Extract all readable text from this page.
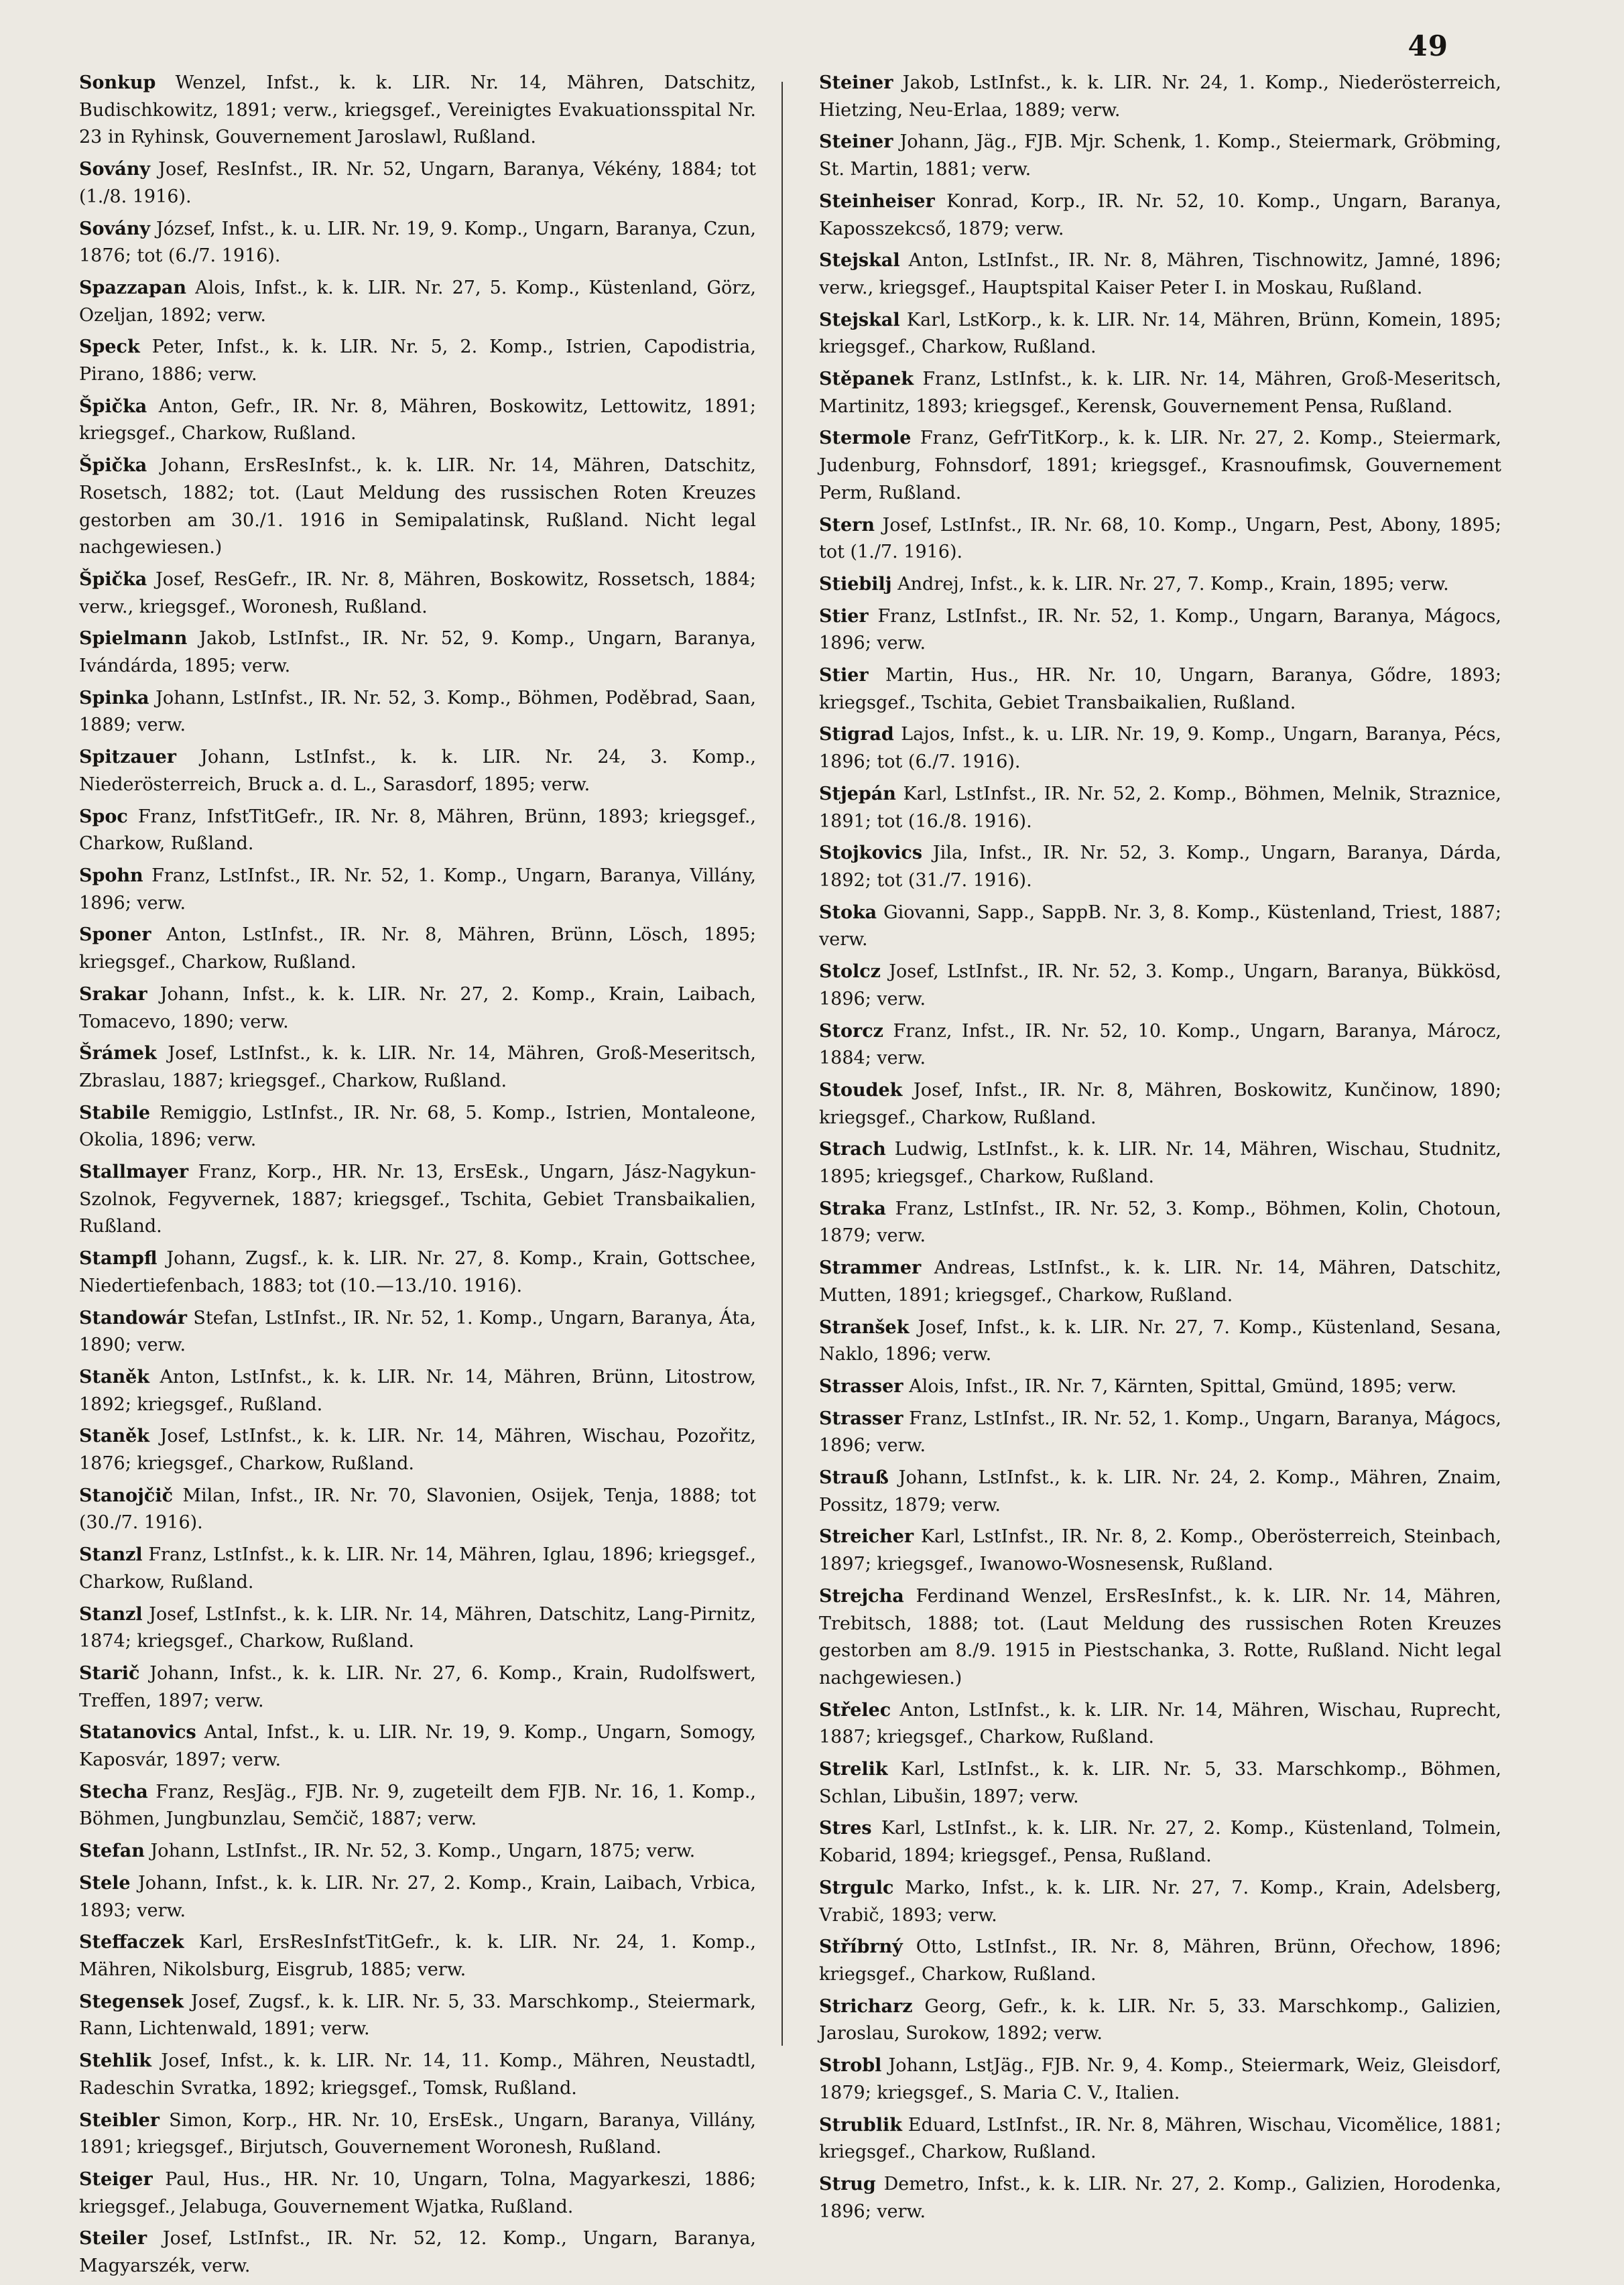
49
Sonkup Wenzel, Infst., k. k. LIR. Nr. 14, Mähren, Datschitz, Budischkowitz, 1891; verw., kriegsgef., Vereinigtes Evakuationsspital Nr. 23 in Ryhinsk, Gouvernement Jaroslawl, Rußland.
Sovány Josef, ResInfst., IR. Nr. 52, Ungarn, Baranya, Vékény, 1884; tot (1./8. 1916).
Sovány József, Infst., k. u. LIR. Nr. 19, 9. Komp., Ungarn, Baranya, Czun, 1876; tot (6./7. 1916).
Spazzapan Alois, Infst., k. k. LIR. Nr. 27, 5. Komp., Küstenland, Görz, Ozeljan, 1892; verw.
Speck Peter, Infst., k. k. LIR. Nr. 5, 2. Komp., Istrien, Capodistria, Pirano, 1886; verw.
Špička Anton, Gefr., IR. Nr. 8, Mähren, Boskowitz, Lettowitz, 1891; kriegsgef., Charkow, Rußland.
Špička Johann, ErsResInfst., k. k. LIR. Nr. 14, Mähren, Datschitz, Rosetsch, 1882; tot. (Laut Meldung des russischen Roten Kreuzes gestorben am 30./1. 1916 in Semipalatinsk, Rußland. Nicht legal nachgewiesen.)
Špička Josef, ResGefr., IR. Nr. 8, Mähren, Boskowitz, Rossetsch, 1884; verw., kriegsgef., Woronesh, Rußland.
Spielmann Jakob, LstInfst., IR. Nr. 52, 9. Komp., Ungarn, Baranya, Ivándárda, 1895; verw.
Spinka Johann, LstInfst., IR. Nr. 52, 3. Komp., Böhmen, Poděbrad, Saan, 1889; verw.
Spitzauer Johann, LstInfst., k. k. LIR. Nr. 24, 3. Komp., Niederösterreich, Bruck a. d. L., Sarasdorf, 1895; verw.
Spoc Franz, InfstTitGefr., IR. Nr. 8, Mähren, Brünn, 1893; kriegsgef., Charkow, Rußland.
Spohn Franz, LstInfst., IR. Nr. 52, 1. Komp., Ungarn, Baranya, Villány, 1896; verw.
Sponer Anton, LstInfst., IR. Nr. 8, Mähren, Brünn, Lösch, 1895; kriegsgef., Charkow, Rußland.
Srakar Johann, Infst., k. k. LIR. Nr. 27, 2. Komp., Krain, Laibach, Tomacevo, 1890; verw.
Šrámek Josef, LstInfst., k. k. LIR. Nr. 14, Mähren, Groß-Meseritsch, Zbraslau, 1887; kriegsgef., Charkow, Rußland.
Stabile Remiggio, LstInfst., IR. Nr. 68, 5. Komp., Istrien, Montaleone, Okolia, 1896; verw.
Stallmayer Franz, Korp., HR. Nr. 13, ErsEsk., Ungarn, Jász-Nagykun-Szolnok, Fegyvernek, 1887; kriegsgef., Tschita, Gebiet Transbaikalien, Rußland.
Stampfl Johann, Zugsf., k. k. LIR. Nr. 27, 8. Komp., Krain, Gottschee, Niedertiefenbach, 1883; tot (10.—13./10. 1916).
Standowár Stefan, LstInfst., IR. Nr. 52, 1. Komp., Ungarn, Baranya, Áta, 1890; verw.
Staněk Anton, LstInfst., k. k. LIR. Nr. 14, Mähren, Brünn, Litostrow, 1892; kriegsgef., Rußland.
Staněk Josef, LstInfst., k. k. LIR. Nr. 14, Mähren, Wischau, Pozořitz, 1876; kriegsgef., Charkow, Rußland.
Stanojčič Milan, Infst., IR. Nr. 70, Slavonien, Osijek, Tenja, 1888; tot (30./7. 1916).
Stanzl Franz, LstInfst., k. k. LIR. Nr. 14, Mähren, Iglau, 1896; kriegsgef., Charkow, Rußland.
Stanzl Josef, LstInfst., k. k. LIR. Nr. 14, Mähren, Datschitz, Lang-Pirnitz, 1874; kriegsgef., Charkow, Rußland.
Starič Johann, Infst., k. k. LIR. Nr. 27, 6. Komp., Krain, Rudolfswert, Treffen, 1897; verw.
Statanovics Antal, Infst., k. u. LIR. Nr. 19, 9. Komp., Ungarn, Somogy, Kaposvár, 1897; verw.
Stecha Franz, ResJäg., FJB. Nr. 9, zugeteilt dem FJB. Nr. 16, 1. Komp., Böhmen, Jungbunzlau, Semčič, 1887; verw.
Stefan Johann, LstInfst., IR. Nr. 52, 3. Komp., Ungarn, 1875; verw.
Stele Johann, Infst., k. k. LIR. Nr. 27, 2. Komp., Krain, Laibach, Vrbica, 1893; verw.
Steffaczek Karl, ErsResInfstTitGefr., k. k. LIR. Nr. 24, 1. Komp., Mähren, Nikolsburg, Eisgrub, 1885; verw.
Stegensek Josef, Zugsf., k. k. LIR. Nr. 5, 33. Marschkomp., Steiermark, Rann, Lichtenwald, 1891; verw.
Stehlik Josef, Infst., k. k. LIR. Nr. 14, 11. Komp., Mähren, Neustadtl, Radeschin Svratka, 1892; kriegsgef., Tomsk, Rußland.
Steibler Simon, Korp., HR. Nr. 10, ErsEsk., Ungarn, Baranya, Villány, 1891; kriegsgef., Birjutsch, Gouvernement Woronesh, Rußland.
Steiger Paul, Hus., HR. Nr. 10, Ungarn, Tolna, Magyarkeszi, 1886; kriegsgef., Jelabuga, Gouvernement Wjatka, Rußland.
Steiler Josef, LstInfst., IR. Nr. 52, 12. Komp., Ungarn, Baranya, Magyarszék, verw.
Steiner Jakob, LstInfst., k. k. LIR. Nr. 24, 1. Komp., Niederösterreich, Hietzing, Neu-Erlaa, 1889; verw.
Steiner Johann, Jäg., FJB. Mjr. Schenk, 1. Komp., Steiermark, Gröbming, St. Martin, 1881; verw.
Steinheiser Konrad, Korp., IR. Nr. 52, 10. Komp., Ungarn, Baranya, Kaposszekcső, 1879; verw.
Stejskal Anton, LstInfst., IR. Nr. 8, Mähren, Tischnowitz, Jamné, 1896; verw., kriegsgef., Hauptspital Kaiser Peter I. in Moskau, Rußland.
Stejskal Karl, LstKorp., k. k. LIR. Nr. 14, Mähren, Brünn, Komein, 1895; kriegsgef., Charkow, Rußland.
Stěpanek Franz, LstInfst., k. k. LIR. Nr. 14, Mähren, Groß-Meseritsch, Martinitz, 1893; kriegsgef., Kerensk, Gouvernement Pensa, Rußland.
Stermole Franz, GefrTitKorp., k. k. LIR. Nr. 27, 2. Komp., Steiermark, Judenburg, Fohnsdorf, 1891; kriegsgef., Krasnoufimsk, Gouvernement Perm, Rußland.
Stern Josef, LstInfst., IR. Nr. 68, 10. Komp., Ungarn, Pest, Abony, 1895; tot (1./7. 1916).
Stiebilj Andrej, Infst., k. k. LIR. Nr. 27, 7. Komp., Krain, 1895; verw.
Stier Franz, LstInfst., IR. Nr. 52, 1. Komp., Ungarn, Baranya, Mágocs, 1896; verw.
Stier Martin, Hus., HR. Nr. 10, Ungarn, Baranya, Gődre, 1893; kriegsgef., Tschita, Gebiet Transbaikalien, Rußland.
Stigrad Lajos, Infst., k. u. LIR. Nr. 19, 9. Komp., Ungarn, Baranya, Pécs, 1896; tot (6./7. 1916).
Stjepán Karl, LstInfst., IR. Nr. 52, 2. Komp., Böhmen, Melnik, Straznice, 1891; tot (16./8. 1916).
Stojkovics Jila, Infst., IR. Nr. 52, 3. Komp., Ungarn, Baranya, Dárda, 1892; tot (31./7. 1916).
Stoka Giovanni, Sapp., SappB. Nr. 3, 8. Komp., Küstenland, Triest, 1887; verw.
Stolcz Josef, LstInfst., IR. Nr. 52, 3. Komp., Ungarn, Baranya, Bükkösd, 1896; verw.
Storcz Franz, Infst., IR. Nr. 52, 10. Komp., Ungarn, Baranya, Márocz, 1884; verw.
Stoudek Josef, Infst., IR. Nr. 8, Mähren, Boskowitz, Kunčinow, 1890; kriegsgef., Charkow, Rußland.
Strach Ludwig, LstInfst., k. k. LIR. Nr. 14, Mähren, Wischau, Studnitz, 1895; kriegsgef., Charkow, Rußland.
Straka Franz, LstInfst., IR. Nr. 52, 3. Komp., Böhmen, Kolin, Chotoun, 1879; verw.
Strammer Andreas, LstInfst., k. k. LIR. Nr. 14, Mähren, Datschitz, Mutten, 1891; kriegsgef., Charkow, Rußland.
Stranšek Josef, Infst., k. k. LIR. Nr. 27, 7. Komp., Küstenland, Sesana, Naklo, 1896; verw.
Strasser Alois, Infst., IR. Nr. 7, Kärnten, Spittal, Gmünd, 1895; verw.
Strasser Franz, LstInfst., IR. Nr. 52, 1. Komp., Ungarn, Baranya, Mágocs, 1896; verw.
Strauß Johann, LstInfst., k. k. LIR. Nr. 24, 2. Komp., Mähren, Znaim, Possitz, 1879; verw.
Streicher Karl, LstInfst., IR. Nr. 8, 2. Komp., Oberösterreich, Steinbach, 1897; kriegsgef., Iwanowo-Wosnesensk, Rußland.
Strejcha Ferdinand Wenzel, ErsResInfst., k. k. LIR. Nr. 14, Mähren, Trebitsch, 1888; tot. (Laut Meldung des russischen Roten Kreuzes gestorben am 8./9. 1915 in Piestschanka, 3. Rotte, Rußland. Nicht legal nachgewiesen.)
Střelec Anton, LstInfst., k. k. LIR. Nr. 14, Mähren, Wischau, Ruprecht, 1887; kriegsgef., Charkow, Rußland.
Strelik Karl, LstInfst., k. k. LIR. Nr. 5, 33. Marschkomp., Böhmen, Schlan, Libušin, 1897; verw.
Stres Karl, LstInfst., k. k. LIR. Nr. 27, 2. Komp., Küstenland, Tolmein, Kobarid, 1894; kriegsgef., Pensa, Rußland.
Strgulc Marko, Infst., k. k. LIR. Nr. 27, 7. Komp., Krain, Adelsberg, Vrabič, 1893; verw.
Stříbrný Otto, LstInfst., IR. Nr. 8, Mähren, Brünn, Ořechow, 1896; kriegsgef., Charkow, Rußland.
Stricharz Georg, Gefr., k. k. LIR. Nr. 5, 33. Marschkomp., Galizien, Jaroslau, Surokow, 1892; verw.
Strobl Johann, LstJäg., FJB. Nr. 9, 4. Komp., Steiermark, Weiz, Gleisdorf, 1879; kriegsgef., S. Maria C. V., Italien.
Strublik Eduard, LstInfst., IR. Nr. 8, Mähren, Wischau, Vicomělice, 1881; kriegsgef., Charkow, Rußland.
Strug Demetro, Infst., k. k. LIR. Nr. 27, 2. Komp., Galizien, Horodenka, 1896; verw.
